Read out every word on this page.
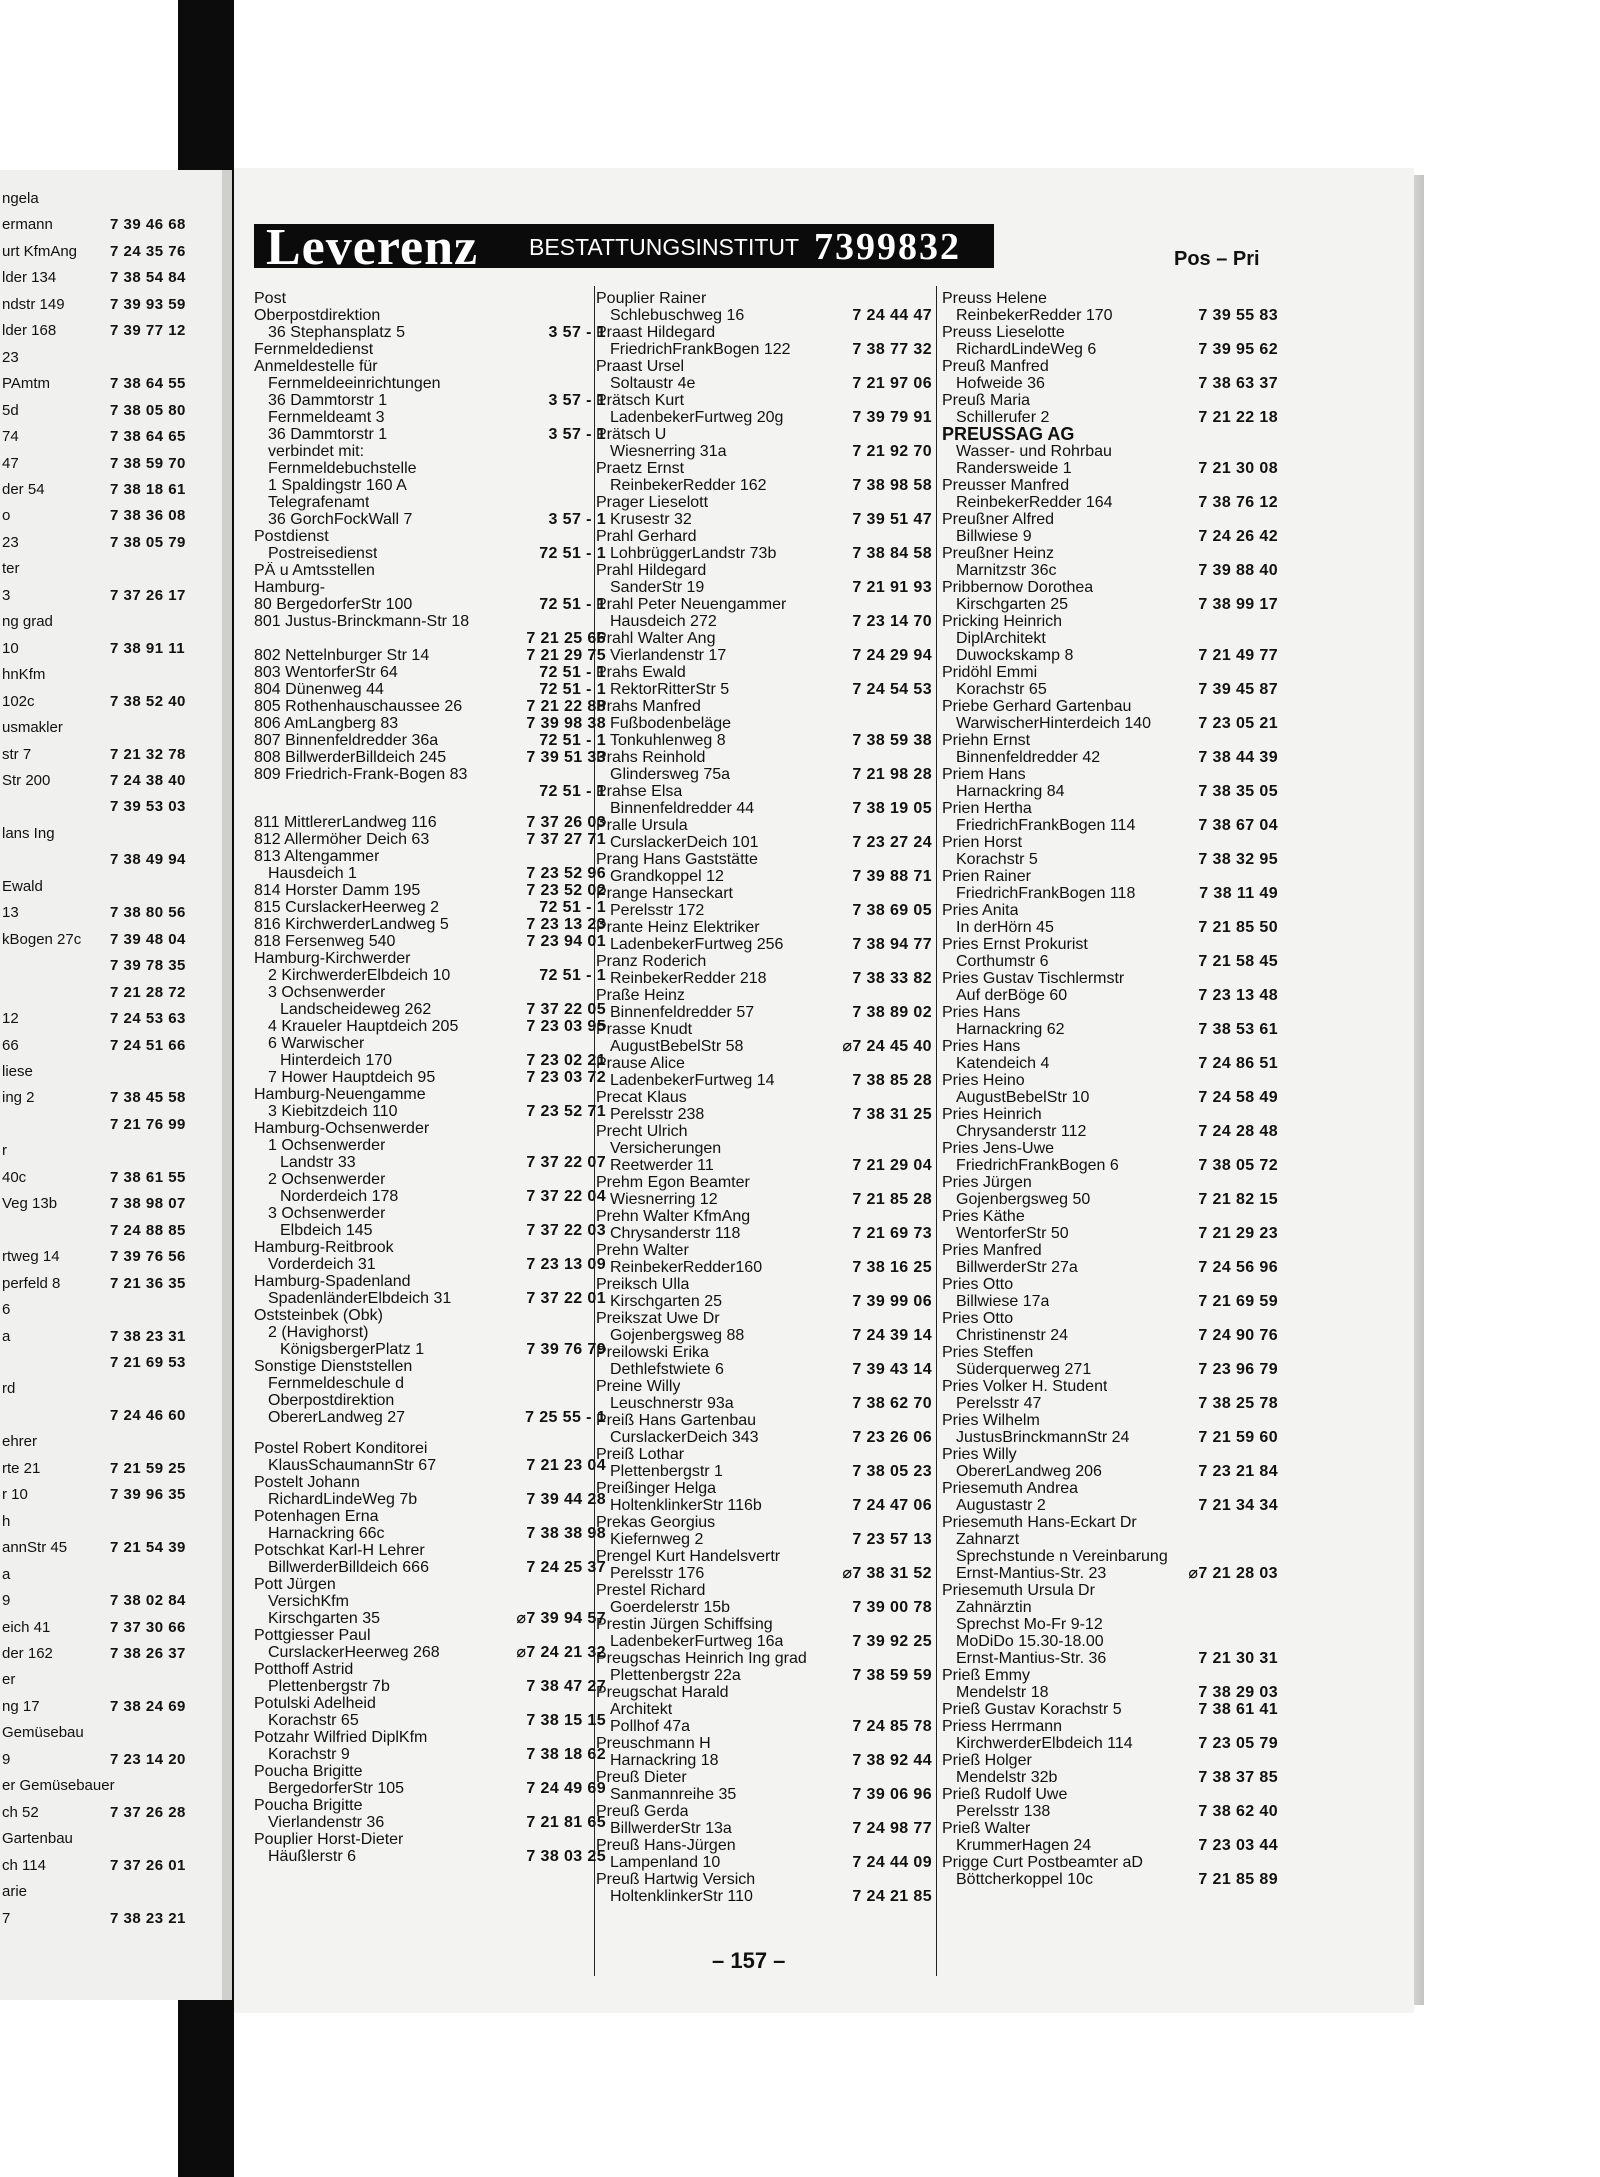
ngela
ermann	7 39 46 68
urt KfmAng 7 24 35 76
lder 134	7 38 54 84
ndstr 149	7 39 93 59
lder 168	7 39 77 12
23
PAmtm	7 38 64 55
5d	7 38 05 80
74	7 38 64 65
47	7 38 59 70
der 54	7 38 18 61
o	7 38 36 08
23	7 38 05 79
ter
3	7 37 26 17
ng grad
10	7 38 91 11
hnKfm
102c	7 38 52 40
usmakler
str 7	7 21 32 78
Str 200	7 24 38 40
7 39 53 03
lans Ing
7 38 49 94
Ewald
13	7 38 80 56
kBogen 27c 7 39 48 04
7 39 78 35
7 21 28 72
12	7 24 53 63
66	7 24 51 66
liese
ing 2	7 38 45 58
7 21 76 99
r
40c	7 38 61 55
Veg 13b	7 38 98 07
7 24 88 85
rtweg 14	7 39 76 56
perfeld 8	7 21 36 35
6
a	7 38 23 31
7 21 69 53
rd
7 24 46 60
ehrer
rte 21	7 21 59 25
r 10	7 39 96 35
h
annStr 45	7 21 54 39
a
9	7 38 02 84
eich 41	7 37 30 66
der 162	7 38 26 37
er
ng 17	7 38 24 69
Gemüsebau
9	7 23 14 20
er Gemüsebauer
ch 52	7 37 26 28
Gartenbau
ch 114	7 37 26 01
arie
7	7 38 23 21
Leverenz BESTATTUNGSINSTITUT 7399832	Pos – Pri
Post
Oberpostdirektion
36 Stephansplatz 5	3 57 - 1
Fernmeldedienst
Anmeldestelle für
Fernmeldeeinrichtungen
36 Dammtorstr 1	3 57 - 1
Fernmeldeamt 3
36 Dammtorstr 1	3 57 - 1
verbindet mit:
Fernmeldebuchstelle
1 Spaldingstr 160 A
Telegrafenamt
36 GorchFockWall 7	3 57 - 1
Postdienst
Postreisedienst	72 51 - 1
PÄ u Amtsstellen
Hamburg-
80 BergedorferStr 100	72 51 - 1
801 Justus-Brinckmann-Str 18
7 21 25 66
802 Nettelnburger Str 14	7 21 29 75
803 WentorferStr 64	72 51 - 1
804 Dünenweg 44	72 51 - 1
805 Rothenhauschaussee 26	7 21 22 88
806 AmLangberg 83	7 39 98 38
807 Binnenfeldredder 36a	72 51 - 1
808 BillwerderBilldeich 245	7 39 51 33
809 Friedrich-Frank-Bogen 83
72 51 - 1
811 MittlererLandweg 116	7 37 26 03
812 Allermöher Deich 63	7 37 27 71
813 Altengammer
Hausdeich 1	7 23 52 96
814 Horster Damm 195	7 23 52 02
815 CurslackerHeerweg 2	72 51 - 1
816 KirchwerderLandweg 5	7 23 13 23
818 Fersenweg 540	7 23 94 01
Hamburg-Kirchwerder
2 KirchwerderElbdeich 10	72 51 - 1
3 Ochsenwerder
Landscheideweg 262	7 37 22 05
4 Kraueler Hauptdeich 205	7 23 03 95
6 Warwischer
Hinterdeich 170	7 23 02 21
7 Hower Hauptdeich 95	7 23 03 72
Hamburg-Neuengamme
3 Kiebitzdeich 110	7 23 52 71
Hamburg-Ochsenwerder
1 Ochsenwerder
Landstr 33	7 37 22 07
2 Ochsenwerder
Norderdeich 178	7 37 22 04
3 Ochsenwerder
Elbdeich 145	7 37 22 03
Hamburg-Reitbrook
Vorderdeich 31	7 23 13 09
Hamburg-Spadenland
SpadenländerElbdeich 31	7 37 22 01
Oststeinbek (Obk)
2 (Havighorst)
KönigsbergerPlatz 1	7 39 76 79
Sonstige Dienststellen
Fernmeldeschule d
Oberpostdirektion
ObererLandweg 27	7 25 55 - 1
Postel Robert Konditorei
KlausSchaumannStr 67	7 21 23 04
Postelt Johann
RichardLindeWeg 7b	7 39 44 28
Potenhagen Erna
Harnackring 66c	7 38 38 98
Potschkat Karl-H Lehrer
BillwerderBilldeich 666	7 24 25 37
Pott Jürgen
VersichKfm
Kirschgarten 35	⌀7 39 94 57
Pottgiesser Paul
CurslackerHeerweg 268	⌀7 24 21 32
Potthoff Astrid
Plettenbergstr 7b	7 38 47 27
Potulski Adelheid
Korachstr 65	7 38 15 15
Potzahr Wilfried DiplKfm
Korachstr 9	7 38 18 62
Poucha Brigitte
BergedorferStr 105	7 24 49 69
Poucha Brigitte
Vierlandenstr 36	7 21 81 65
Pouplier Horst-Dieter
Häußlerstr 6	7 38 03 25
Pouplier Rainer
Schlebuschweg 16	7 24 44 47
Praast Hildegard
FriedrichFrankBogen 122	7 38 77 32
Praast Ursel
Soltaustr 4e	7 21 97 06
Prätsch Kurt
LadenbekerFurtweg 20g	7 39 79 91
Prätsch U
Wiesnerring 31a	7 21 92 70
Praetz Ernst
ReinbekerRedder 162	7 38 98 58
Prager Lieselott
Krusestr 32	7 39 51 47
Prahl Gerhard
LohbrüggerLandstr 73b	7 38 84 58
Prahl Hildegard
SanderStr 19	7 21 91 93
Prahl Peter Neuengammer
Hausdeich 272	7 23 14 70
Prahl Walter Ang
Vierlandenstr 17	7 24 29 94
Prahs Ewald
RektorRitterStr 5	7 24 54 53
Prahs Manfred
Fußbodenbeläge
Tonkuhlenweg 8	7 38 59 38
Prahs Reinhold
Glindersweg 75a	7 21 98 28
Prahse Elsa
Binnenfeldredder 44	7 38 19 05
Pralle Ursula
CurslackerDeich 101	7 23 27 24
Prang Hans Gaststätte
Grandkoppel 12	7 39 88 71
Prange Hanseckart
Perelsstr 172	7 38 69 05
Prante Heinz Elektriker
LadenbekerFurtweg 256	7 38 94 77
Pranz Roderich
ReinbekerRedder 218	7 38 33 82
Praße Heinz
Binnenfeldredder 57	7 38 89 02
Prasse Knudt
AugustBebelStr 58	⌀7 24 45 40
Prause Alice
LadenbekerFurtweg 14	7 38 85 28
Precat Klaus
Perelsstr 238	7 38 31 25
Precht Ulrich
Versicherungen
Reetwerder 11	7 21 29 04
Prehm Egon Beamter
Wiesnerring 12	7 21 85 28
Prehn Walter KfmAng
Chrysanderstr 118	7 21 69 73
Prehn Walter
ReinbekerRedder160	7 38 16 25
Preiksch Ulla
Kirschgarten 25	7 39 99 06
Preikszat Uwe Dr
Gojenbergsweg 88	7 24 39 14
Preilowski Erika
Dethlefstwiete 6	7 39 43 14
Preine Willy
Leuschnerstr 93a	7 38 62 70
Preiß Hans Gartenbau
CurslackerDeich 343	7 23 26 06
Preiß Lothar
Plettenbergstr 1	7 38 05 23
Preißinger Helga
HoltenklinkerStr 116b	7 24 47 06
Prekas Georgius
Kiefernweg 2	7 23 57 13
Prengel Kurt Handelsvertr
Perelsstr 176	⌀7 38 31 52
Prestel Richard
Goerdelerstr 15b	7 39 00 78
Prestin Jürgen Schiffsing
LadenbekerFurtweg 16a	7 39 92 25
Preugschas Heinrich Ing grad
Plettenbergstr 22a	7 38 59 59
Preugschat Harald
Architekt
Pollhof 47a	7 24 85 78
Preuschmann H
Harnackring 18	7 38 92 44
Preuß Dieter
Sanmannreihe 35	7 39 06 96
Preuß Gerda
BillwerderStr 13a	7 24 98 77
Preuß Hans-Jürgen
Lampenland 10	7 24 44 09
Preuß Hartwig Versich
HoltenklinkerStr 110	7 24 21 85
Preuss Helene
ReinbekerRedder 170	7 39 55 83
Preuss Lieselotte
RichardLindeWeg 6	7 39 95 62
Preuß Manfred
Hofweide 36	7 38 63 37
Preuß Maria
Schillerufer 2	7 21 22 18
PREUSSAG AG
Wasser- und Rohrbau
Randersweide 1	7 21 30 08
Preusser Manfred
ReinbekerRedder 164	7 38 76 12
Preußner Alfred
Billwiese 9	7 24 26 42
Preußner Heinz
Marnitzstr 36c	7 39 88 40
Pribbernow Dorothea
Kirschgarten 25	7 38 99 17
Pricking Heinrich
DiplArchitekt
Duwockskamp 8	7 21 49 77
Pridöhl Emmi
Korachstr 65	7 39 45 87
Priebe Gerhard Gartenbau
WarwischerHinterdeich 140	7 23 05 21
Priehn Ernst
Binnenfeldredder 42	7 38 44 39
Priem Hans
Harnackring 84	7 38 35 05
Prien Hertha
FriedrichFrankBogen 114	7 38 67 04
Prien Horst
Korachstr 5	7 38 32 95
Prien Rainer
FriedrichFrankBogen 118	7 38 11 49
Pries Anita
In derHörn 45	7 21 85 50
Pries Ernst Prokurist
Corthumstr 6	7 21 58 45
Pries Gustav Tischlermstr
Auf derBöge 60	7 23 13 48
Pries Hans
Harnackring 62	7 38 53 61
Pries Hans
Katendeich 4	7 24 86 51
Pries Heino
AugustBebelStr 10	7 24 58 49
Pries Heinrich
Chrysanderstr 112	7 24 28 48
Pries Jens-Uwe
FriedrichFrankBogen 6	7 38 05 72
Pries Jürgen
Gojenbergsweg 50	7 21 82 15
Pries Käthe
WentorferStr 50	7 21 29 23
Pries Manfred
BillwerderStr 27a	7 24 56 96
Pries Otto
Billwiese 17a	7 21 69 59
Pries Otto
Christinenstr 24	7 24 90 76
Pries Steffen
Süderquerweg 271	7 23 96 79
Pries Volker H. Student
Perelsstr 47	7 38 25 78
Pries Wilhelm
JustusBrinckmannStr 24	7 21 59 60
Pries Willy
ObererLandweg 206	7 23 21 84
Priesemuth Andrea
Augustastr 2	7 21 34 34
Priesemuth Hans-Eckart Dr
Zahnarzt
Sprechstunde n Vereinbarung
Ernst-Mantius-Str. 23	⌀7 21 28 03
Priesemuth Ursula Dr
Zahnärztin
Sprechst Mo-Fr 9-12
MoDiDo 15.30-18.00
Ernst-Mantius-Str. 36	7 21 30 31
Prieß Emmy
Mendelstr 18	7 38 29 03
Prieß Gustav Korachstr 5	7 38 61 41
Priess Herrmann
KirchwerderElbdeich 114	7 23 05 79
Prieß Holger
Mendelstr 32b	7 38 37 85
Prieß Rudolf Uwe
Perelsstr 138	7 38 62 40
Prieß Walter
KrummerHagen 24	7 23 03 44
Prigge Curt Postbeamter aD
Böttcherkoppel 10c	7 21 85 89
– 157 –
